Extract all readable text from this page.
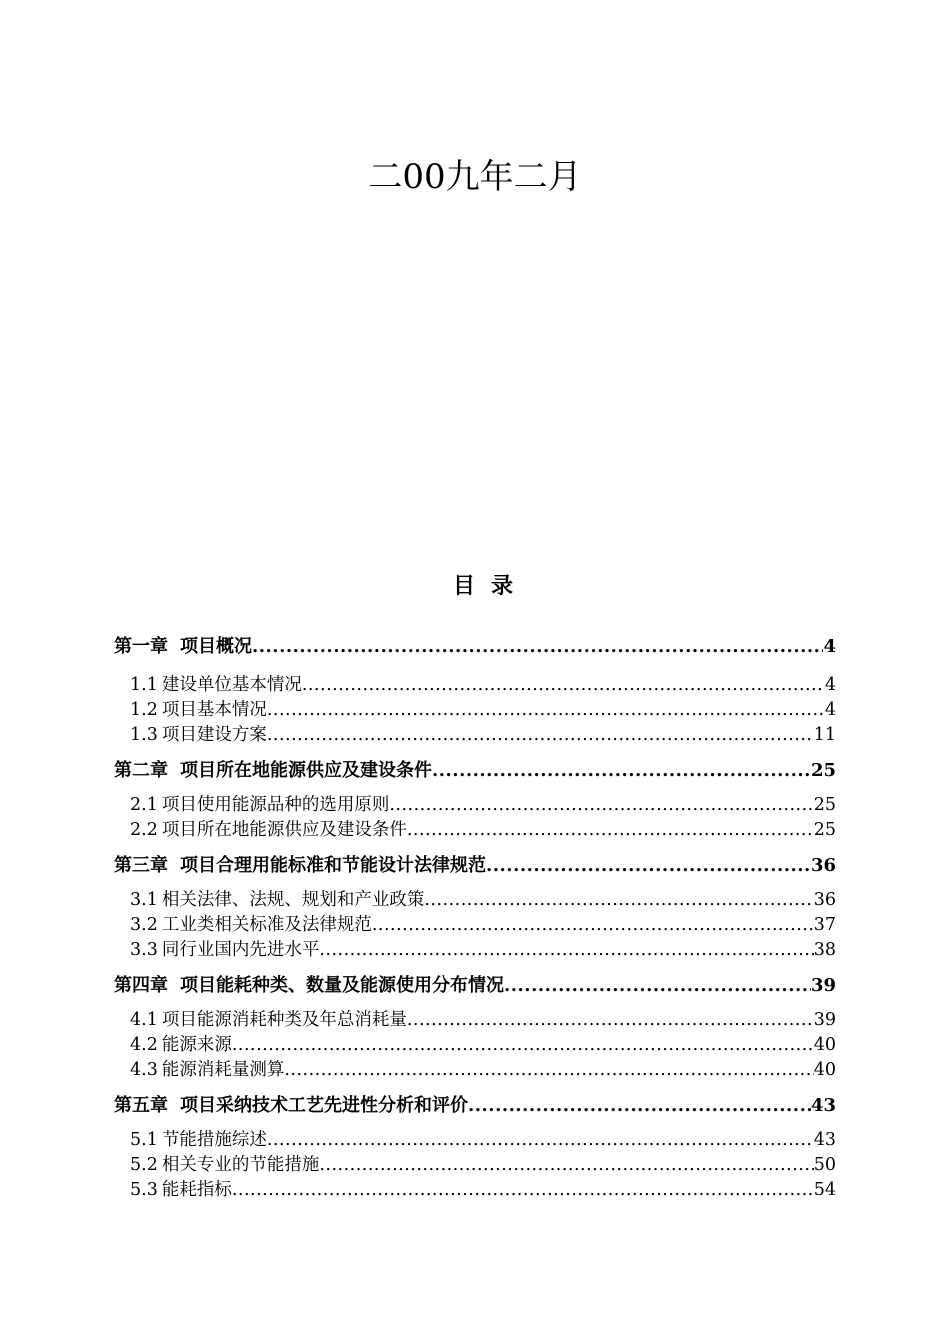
二00九年二月
目录
第一章 项目概况 .....	4
1.1 建设单位基本情况 .....	4
1.2 项目基本情况 .....	4
1.3 项目建设方案 .....	11
第二章 项目所在地能源供应及建设条件 .....	25
2.1 项目使用能源品种的选用原则 .....	25
2.2 项目所在地能源供应及建设条件 .....	25
第三章 项目合理用能标准和节能设计法律规范 .....	36
3.1 相关法律、法规、规划和产业政策 .....	36
3.2 工业类相关标准及法律规范 .....	37
3.3 同行业国内先进水平 .....	38
第四章 项目能耗种类、数量及能源使用分布情况 .....	39
4.1 项目能源消耗种类及年总消耗量 .....	39
4.2 能源来源 .....	40
4.3 能源消耗量测算 .....	40
第五章 项目采纳技术工艺先进性分析和评价 .....	43
5.1 节能措施综述 .....	43
5.2 相关专业的节能措施 .....	50
5.3 能耗指标 .....	54
